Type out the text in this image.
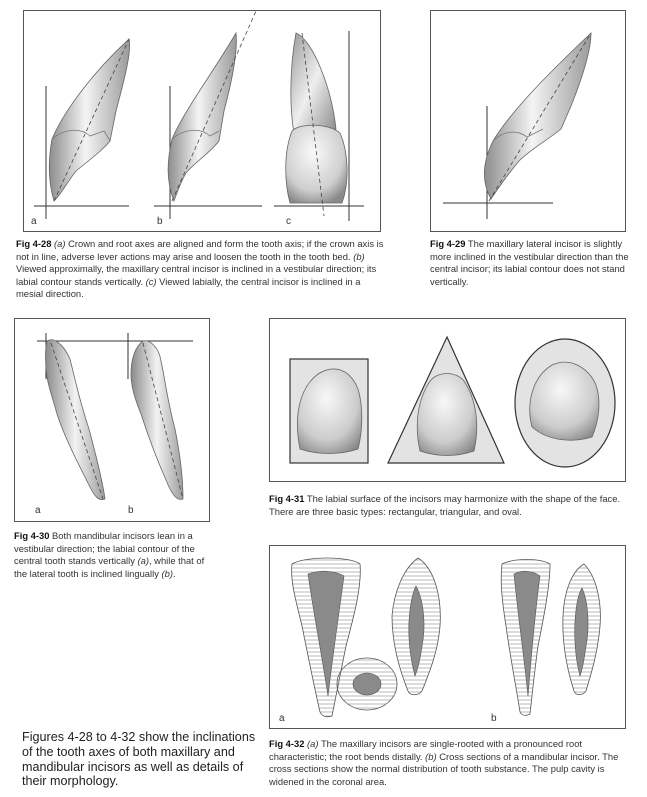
a	b	c
Fig 4-28 (a) Crown and root axes are aligned and form the tooth axis; if the crown axis is not in line, adverse lever actions may arise and loosen the tooth in the tooth bed. (b) Viewed approximally, the maxillary central incisor is inclined in a vestibular direction; its labial contour stands vertically. (c) Viewed labially, the central incisor is inclined in a mesial direction.
Fig 4-29 The maxillary lateral incisor is slightly more inclined in the vestibular direction than the central incisor; its labial contour does not stand vertically.
a	b
Fig 4-30 Both mandibular incisors lean in a vestibular direction; the labial contour of the central tooth stands vertically (a), while that of the lateral tooth is inclined lingually (b).
Fig 4-31 The labial surface of the incisors may harmonize with the shape of the face. There are three basic types: rectangular, triangular, and oval.
a	b
Fig 4-32 (a) The maxillary incisors are single-rooted with a pronounced root characteristic; the root bends distally. (b) Cross sections of a mandibular incisor. The cross sections show the normal distribution of tooth substance. The pulp cavity is widened in the coronal area.
Figures 4-28 to 4-32 show the inclinations of the tooth axes of both maxillary and mandibular incisors as well as details of their morphology.
